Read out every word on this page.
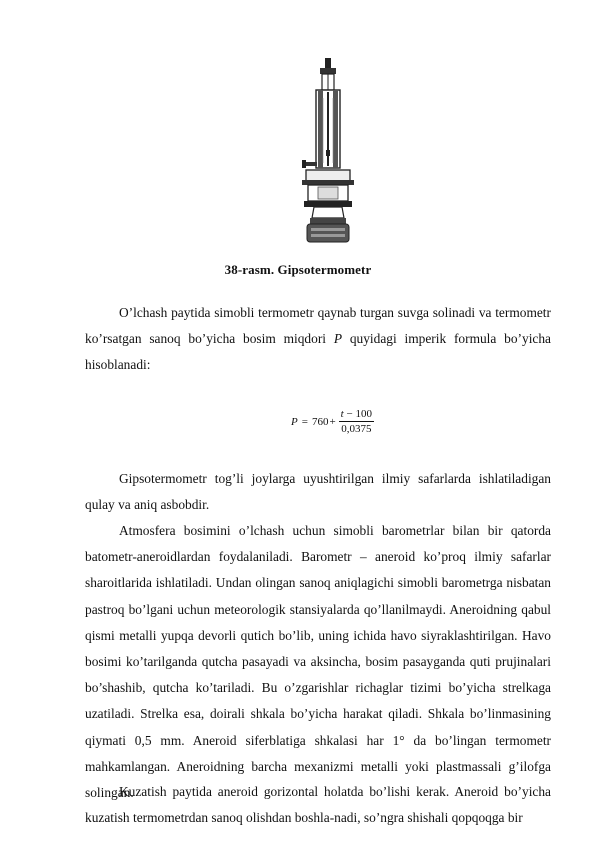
38-rasm. Gipsotermometr

O’lchash paytida simobli termometr qaynab turgan suvga solinadi va termometr ko’rsatgan sanoq bo’yicha bosim miqdori P quyidagi imperik formula bo’yicha hisoblanadi:

$P = 760 + \frac{t - 100}{0,0375}$

Gipsotermometr tog’li joylarga uyushtirilgan ilmiy safarlarda ishlatiladigan qulay va aniq asbobdir.

Atmosfera bosimini o’lchash uchun simobli barometrlar bilan bir qatorda batometr-aneroidlardan foydalaniladi. Barometr – aneroid ko’proq ilmiy safarlar sharoitlarida ishlatiladi. Undan olingan sanoq aniqlagichi simobli barometrga nisbatan pastroq bo’lgani uchun meteorologik stansiyalarda qo’llanilmaydi. Aneroidning qabul qismi metalli yupqa devorli qutich bo’lib, uning ichida havo siyraklashtirilgan. Havo bosimi ko’tarilganda qutcha pasayadi va aksincha, bosim pasayganda quti prujinalari bo’shashib, qutcha ko’tariladi. Bu o’zgarishlar richaglar tizimi bo’yicha strelkaga uzatiladi. Strelka esa, doirali shkala bo’yicha harakat qiladi. Shkala bo’linmasining qiymati 0,5 mm. Aneroid siferblatiga shkalasi har 1° da bo’lingan termometr mahkamlangan. Aneroidning barcha mexanizmi metalli yoki plastmassali g’ilofga solingan.

Kuzatish paytida aneroid gorizontal holatda bo’lishi kerak. Aneroid bo’yicha kuzatish termometrdan sanoq olishdan boshla-nadi, so’ngra shishali qopqoqga bir
